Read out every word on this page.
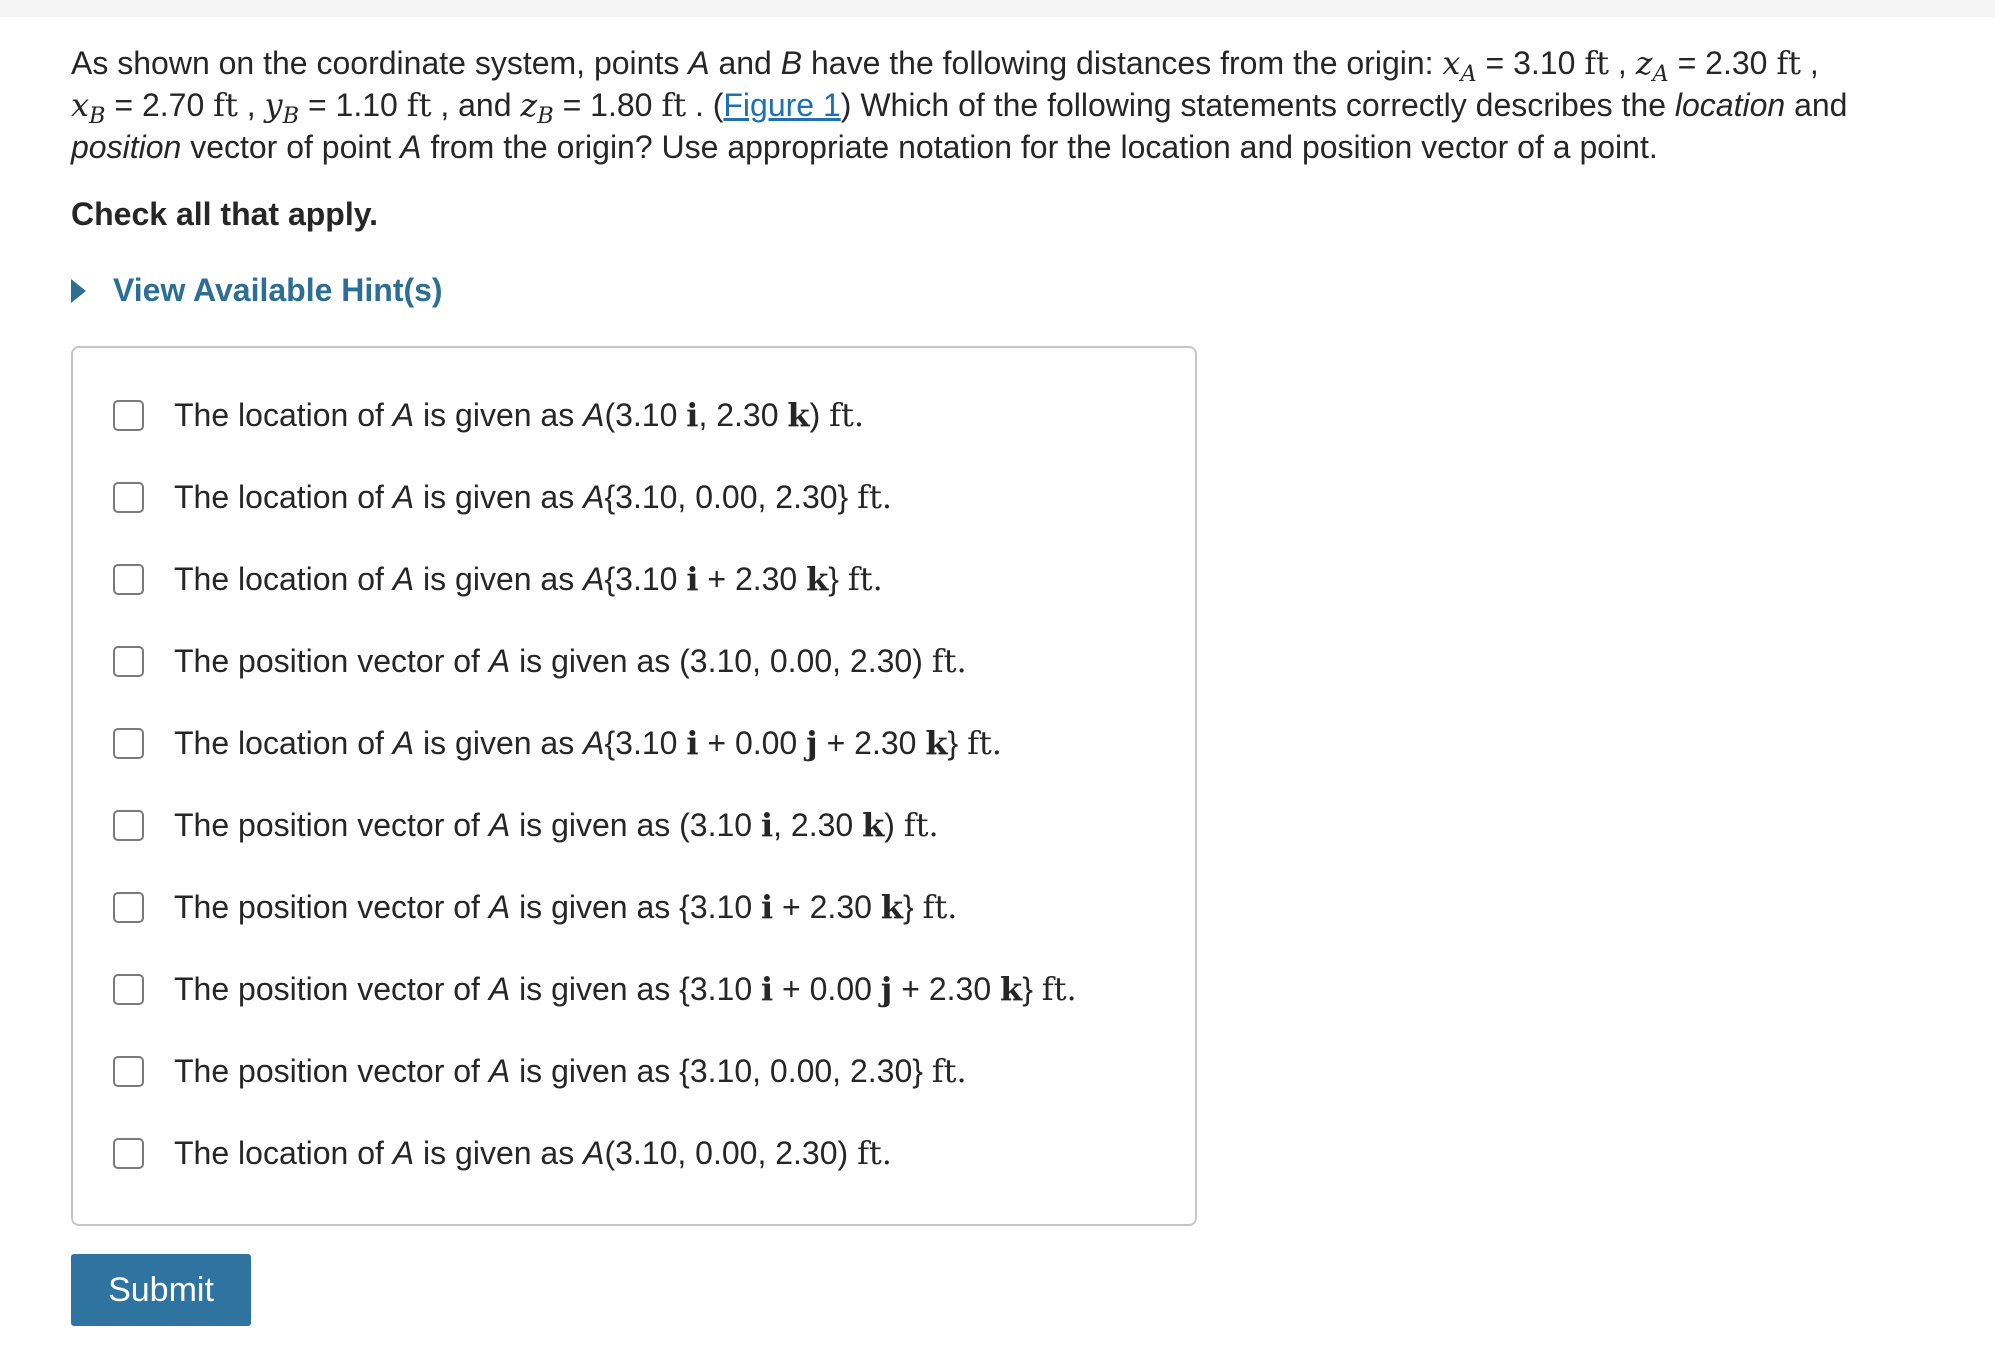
As shown on the coordinate system, points A and B have the following distances from the origin: $x_A = 3.10$ ft , $z_A = 2.30$ ft ,
$x_B = 2.70$ ft , $y_B = 1.10$ ft , and $z_B = 1.80$ ft . (Figure 1) Which of the following statements correctly describes the location and
position vector of point A from the origin? Use appropriate notation for the location and position vector of a point.

Check all that apply.
View Available Hint(s)
The location of A is given as A(3.10 i, 2.30 k) ft.
The location of A is given as A{3.10, 0.00, 2.30} ft.
The location of A is given as A{3.10 i + 2.30 k} ft.
The position vector of A is given as (3.10, 0.00, 2.30) ft.
The location of A is given as A{3.10 i + 0.00 j + 2.30 k} ft.
The position vector of A is given as (3.10 i, 2.30 k) ft.
The position vector of A is given as {3.10 i + 2.30 k} ft.
The position vector of A is given as {3.10 i + 0.00 j + 2.30 k} ft.
The position vector of A is given as {3.10, 0.00, 2.30} ft.
The location of A is given as A(3.10, 0.00, 2.30) ft.
Submit
